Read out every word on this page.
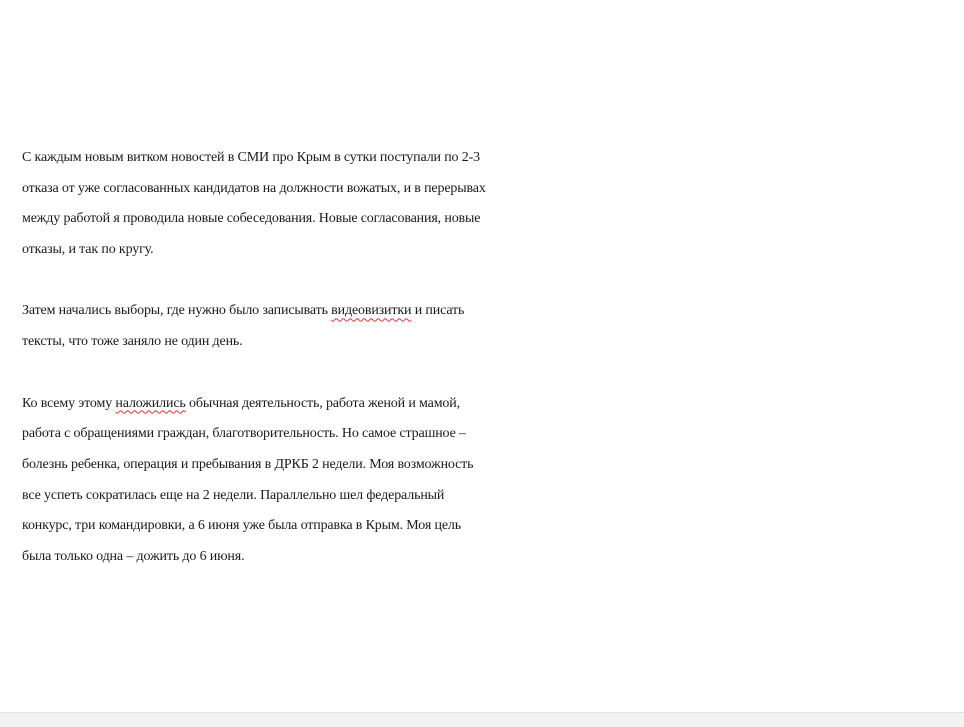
С каждым новым витком новостей в СМИ про Крым в сутки поступали по 2-3
отказа от уже согласованных кандидатов на должности вожатых, и в перерывах
между работой я проводила новые собеседования. Новые согласования, новые
отказы, и так по кругу.
Затем начались выборы, где нужно было записывать видеовизитки и писать
тексты, что тоже заняло не один день.
Ко всему этому наложились обычная деятельность, работа женой и мамой,
работа с обращениями граждан, благотворительность. Но самое страшное –
болезнь ребенка, операция и пребывания в ДРКБ 2 недели. Моя возможность
все успеть сократилась еще на 2 недели. Параллельно шел федеральный
конкурс, три командировки, а 6 июня уже была отправка в Крым. Моя цель
была только одна – дожить до 6 июня.
